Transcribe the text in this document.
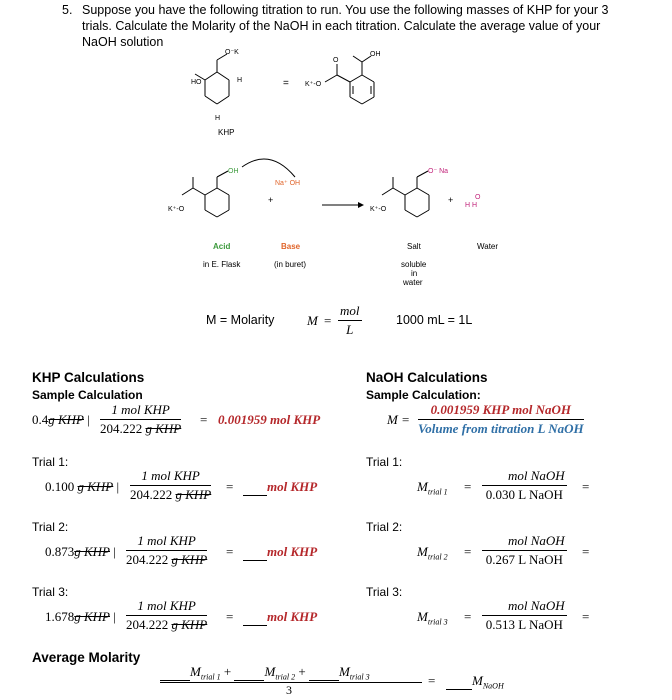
5. Suppose you have the following titration to run. You use the following masses of KHP for your 3 trials. Calculate the Molarity of the NaOH in each titration. Calculate the average value of your NaOH solution
HO
O⁻K
H
H
= K⁺-O
O
OH
KHP
K⁺-O
OH
Na⁺ OH
+
K⁺-O
O⁻ Na
+	O
H H
Acid
in E. Flask
Base
(in buret)
Salt
soluble
in
water
Water
M = Molarity	M =
mol
L
1000 mL = 1L
KHP Calculations
Sample Calculation
0.4g KHP |
1 mol KHP
204.222 g KHP
= 0.001959 mol KHP
Trial 1:
0.100 g KHP |
1 mol KHP
204.222 g KHP
=	mol KHP
Trial 2:
0.873g KHP |
1 mol KHP
204.222 g KHP
=	mol KHP
Trial 3:
1.678g KHP |
1 mol KHP
204.222 g KHP
=	mol KHP
NaOH Calculations
Sample Calculation:
M =
0.001959 KHP mol NaOH
Volume from titration L NaOH
Trial 1:
$M_{trial 1}$ =
mol NaOH
0.030 L NaOH
=
Trial 2:
$M_{trial 2}$ =
mol NaOH
0.267 L NaOH
=
Trial 3:
$M_{trial 3}$ =
mol NaOH
0.513 L NaOH
=
Average Molarity
$M_{trial 1}$ +	$M_{trial 2}$ +	$M_{trial 3}$
3
=	$M_{NaOH}$
